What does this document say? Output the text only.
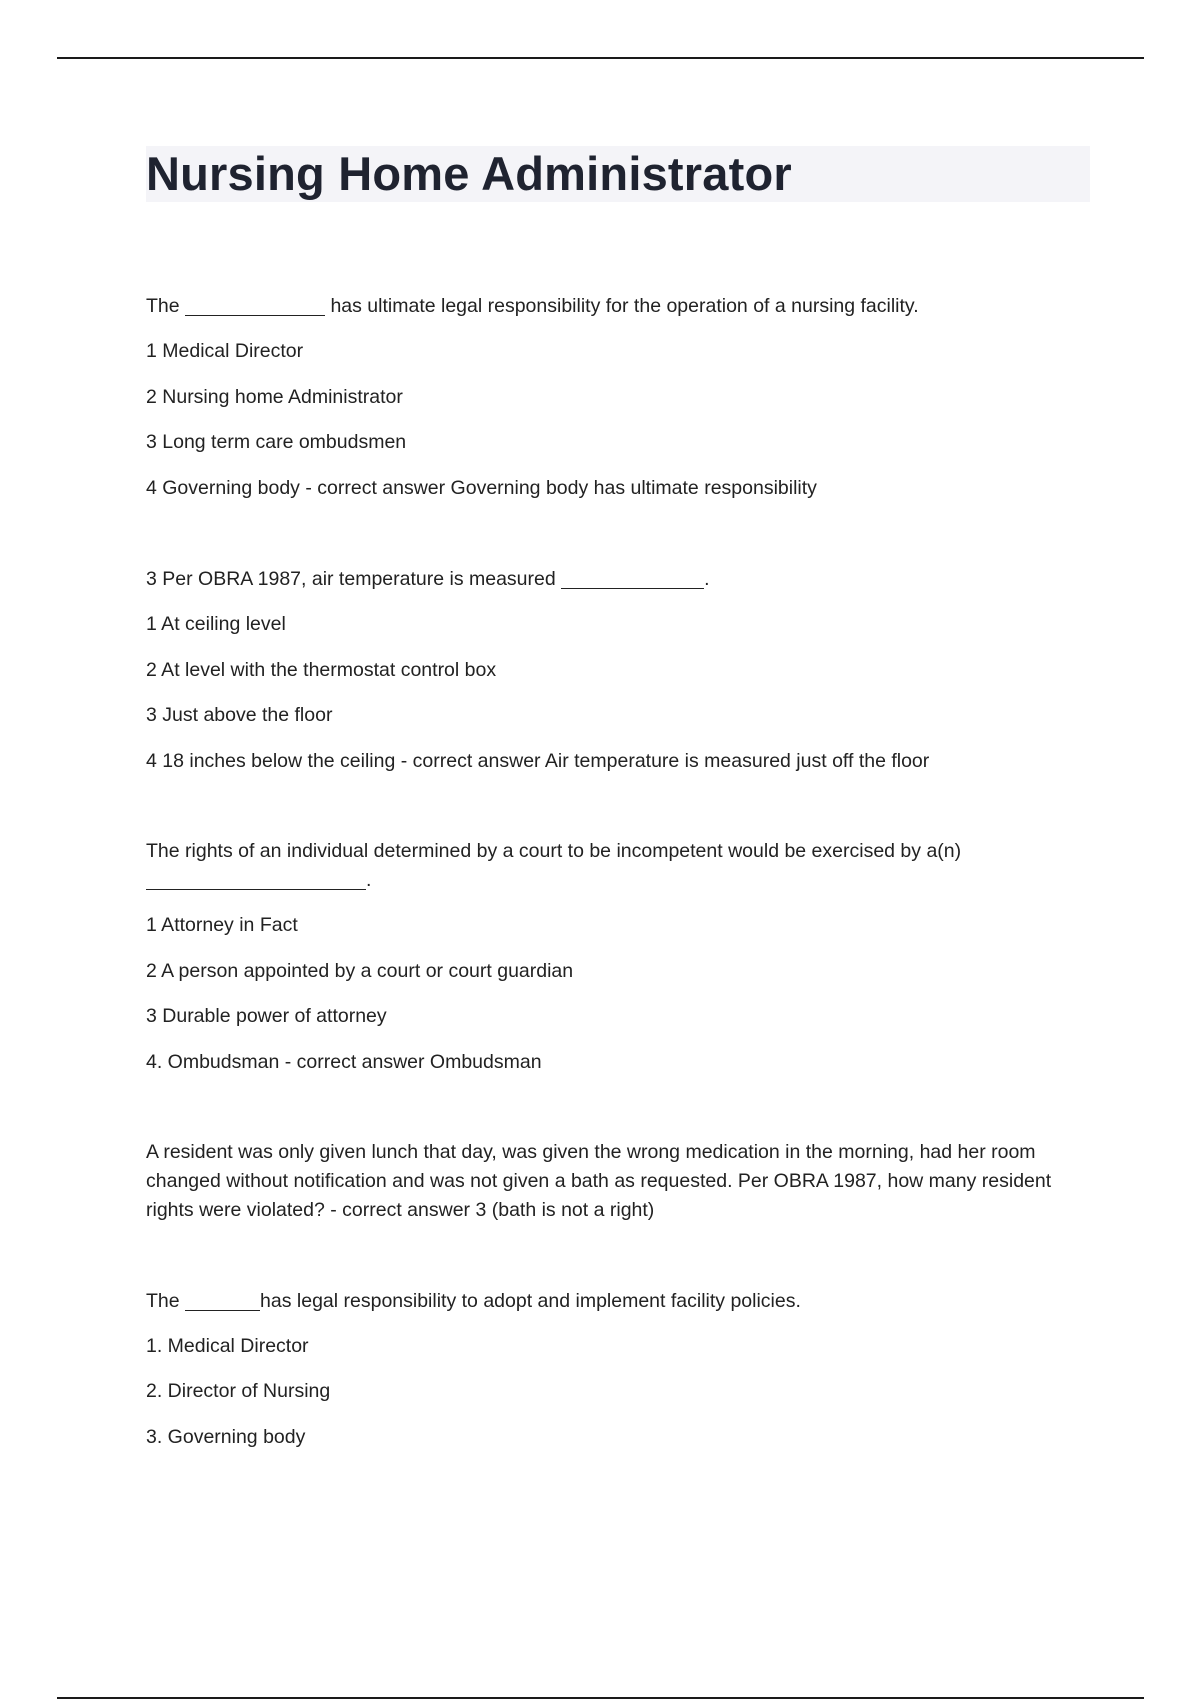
Nursing Home Administrator

The	has ultimate legal responsibility for the operation of a nursing facility.

1 Medical Director

2 Nursing home Administrator

3 Long term care ombudsmen

4 Governing body - correct answer Governing body has ultimate responsibility

3 Per OBRA 1987, air temperature is measured	.

1 At ceiling level

2 At level with the thermostat control box

3 Just above the floor

4 18 inches below the ceiling - correct answer Air temperature is measured just off the floor

The rights of an individual determined by a court to be incompetent would be exercised by a(n)

.

1 Attorney in Fact

2 A person appointed by a court or court guardian

3 Durable power of attorney

4. Ombudsman - correct answer Ombudsman

A resident was only given lunch that day, was given the wrong medication in the morning, had her room

changed without notification and was not given a bath as requested. Per OBRA 1987, how many resident

rights were violated? - correct answer 3 (bath is not a right)

The	has legal responsibility to adopt and implement facility policies.

1. Medical Director

2. Director of Nursing

3. Governing body
